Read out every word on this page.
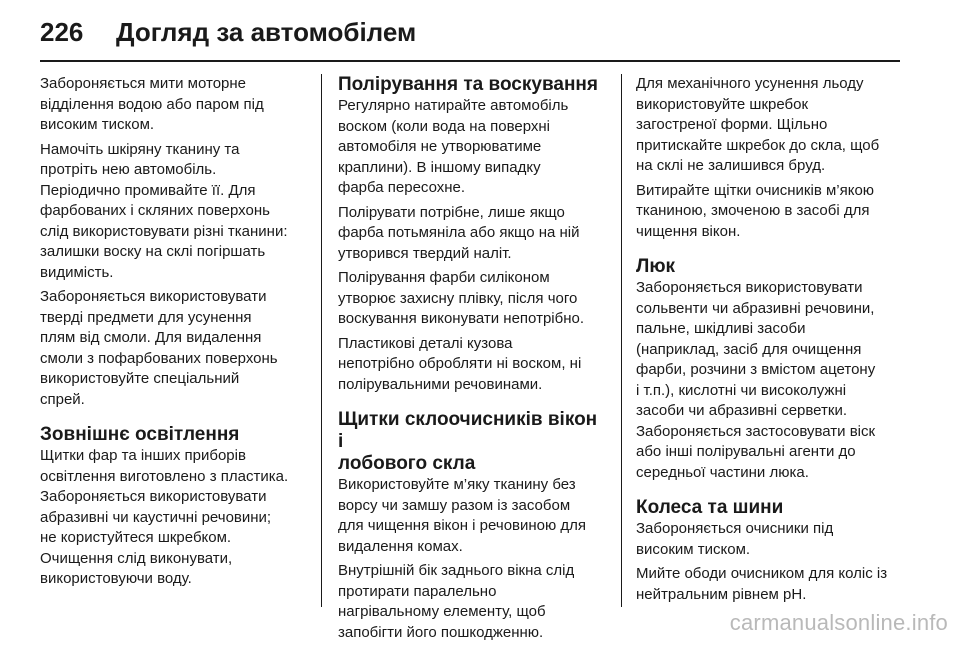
226 Догляд за автомобілем

Забороняється мити моторне
відділення водою або паром під
високим тиском.

Намочіть шкіряну тканину та
протріть нею автомобіль.
Періодично промивайте її. Для
фарбованих і скляних поверхонь
слід використовувати різні тканини:
залишки воску на склі погіршать
видимість.

Забороняється використовувати
тверді предмети для усунення
плям від смоли. Для видалення
смоли з пофарбованих поверхонь
використовуйте спеціальний
спрей.

Зовнішнє освітлення

Щитки фар та інших приборів
освітлення виготовлено з пластика.
Забороняється використовувати
абразивні чи каустичні речовини;
не користуйтеся шкребком.
Очищення слід виконувати,
використовуючи воду.

Полірування та воскування

Регулярно натирайте автомобіль
воском (коли вода на поверхні
автомобіля не утворюватиме
краплини). В іншому випадку
фарба пересохне.

Полірувати потрібне, лише якщо
фарба потьмяніла або якщо на ній
утворився твердий наліт.

Полірування фарби силіконом
утворює захисну плівку, після чого
воскування виконувати непотрібно.

Пластикові деталі кузова
непотрібно обробляти ні воском, ні
полірувальними речовинами.

Щитки склоочисників вікон і
лобового скла

Використовуйте м’яку тканину без
ворсу чи замшу разом із засобом
для чищення вікон і речовиною для
видалення комах.

Внутрішній бік заднього вікна слід
протирати паралельно
нагрівальному елементу, щоб
запобігти його пошкодженню.

Для механічного усунення льоду
використовуйте шкребок
загостреної форми. Щільно
притискайте шкребок до скла, щоб
на склі не залишився бруд.

Витирайте щітки очисників м’якою
тканиною, змоченою в засобі для
чищення вікон.

Люк

Забороняється використовувати
сольвенти чи абразивні речовини,
пальне, шкідливі засоби
(наприклад, засіб для очищення
фарби, розчини з вмістом ацетону
і т.п.), кислотні чи високолужні
засоби чи абразивні серветки.
Забороняється застосовувати віск
або інші полірувальні агенти до
середньої частини люка.

Колеса та шини

Забороняється очисники під
високим тиском.

Мийте ободи очисником для коліс із
нейтральним рівнем рН.

carmanualsonline.info
